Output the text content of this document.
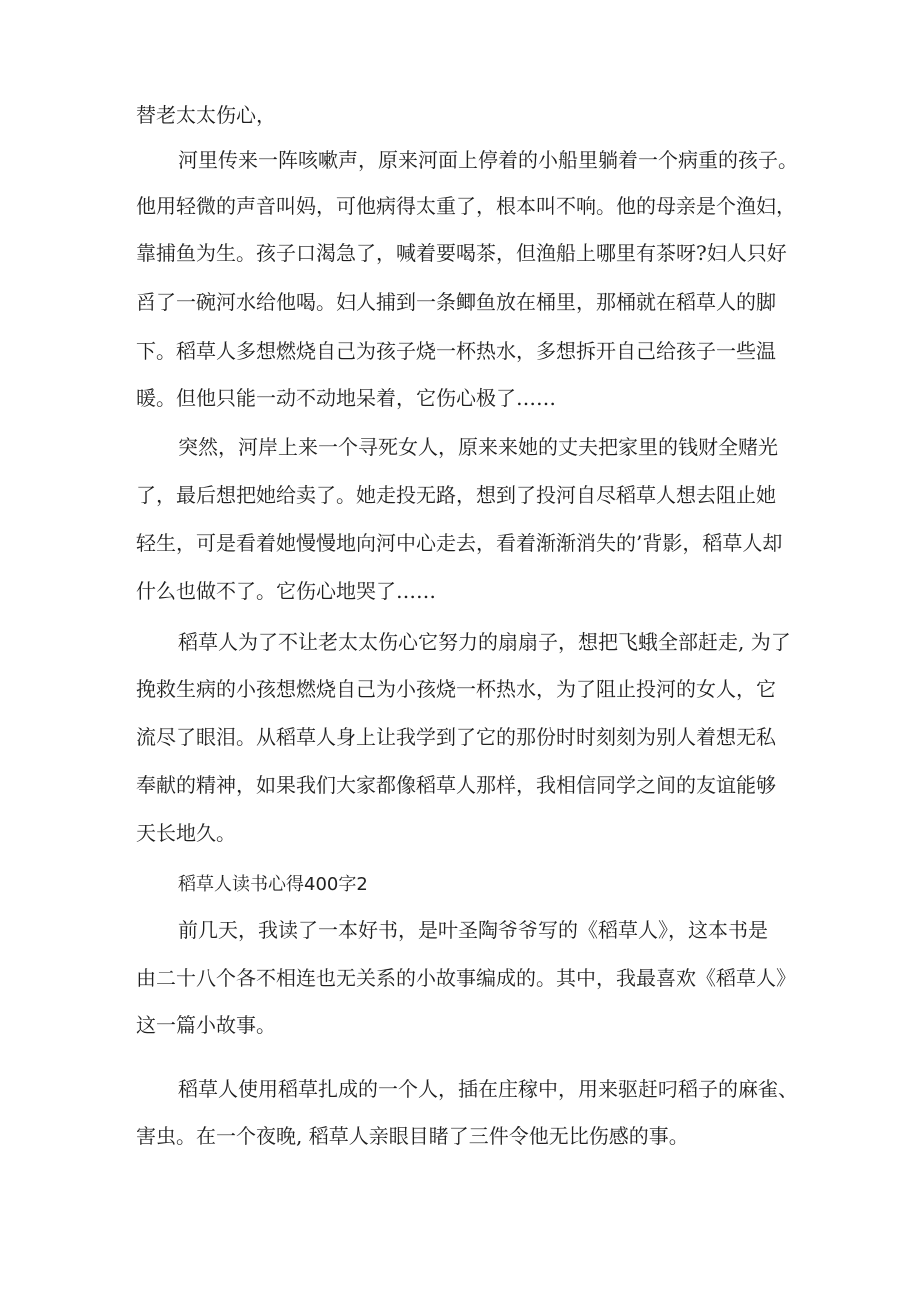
替老太太伤心，

河里传来一阵咳嗽声，原来河面上停着的小船里躺着一个病重的孩子。

他用轻微的声音叫妈，可他病得太重了，根本叫不响。他的母亲是个渔妇，

靠捕鱼为生。孩子口渴急了，喊着要喝茶，但渔船上哪里有茶呀?妇人只好

舀了一碗河水给他喝。妇人捕到一条鲫鱼放在桶里，那桶就在稻草人的脚

下。稻草人多想燃烧自己为孩子烧一杯热水，多想拆开自己给孩子一些温

暖。但他只能一动不动地呆着，它伤心极了……

突然，河岸上来一个寻死女人，原来来她的丈夫把家里的钱财全赌光

了，最后想把她给卖了。她走投无路，想到了投河自尽稻草人想去阻止她

轻生，可是看着她慢慢地向河中心走去，看着渐渐消失的’背影，稻草人却

什么也做不了。它伤心地哭了……

稻草人为了不让老太太伤心它努力的扇扇子，想把飞蛾全部赶走, 为了

挽救生病的小孩想燃烧自己为小孩烧一杯热水，为了阻止投河的女人，它

流尽了眼泪。从稻草人身上让我学到了它的那份时时刻刻为别人着想无私

奉献的精神，如果我们大家都像稻草人那样，我相信同学之间的友谊能够

天长地久。

稻草人读书心得400字2

前几天，我读了一本好书，是叶圣陶爷爷写的《稻草人》，这本书是

由二十八个各不相连也无关系的小故事编成的。其中，我最喜欢《稻草人》

这一篇小故事。

稻草人使用稻草扎成的一个人，插在庄稼中，用来驱赶叼稻子的麻雀、

害虫。在一个夜晚, 稻草人亲眼目睹了三件令他无比伤感的事。
